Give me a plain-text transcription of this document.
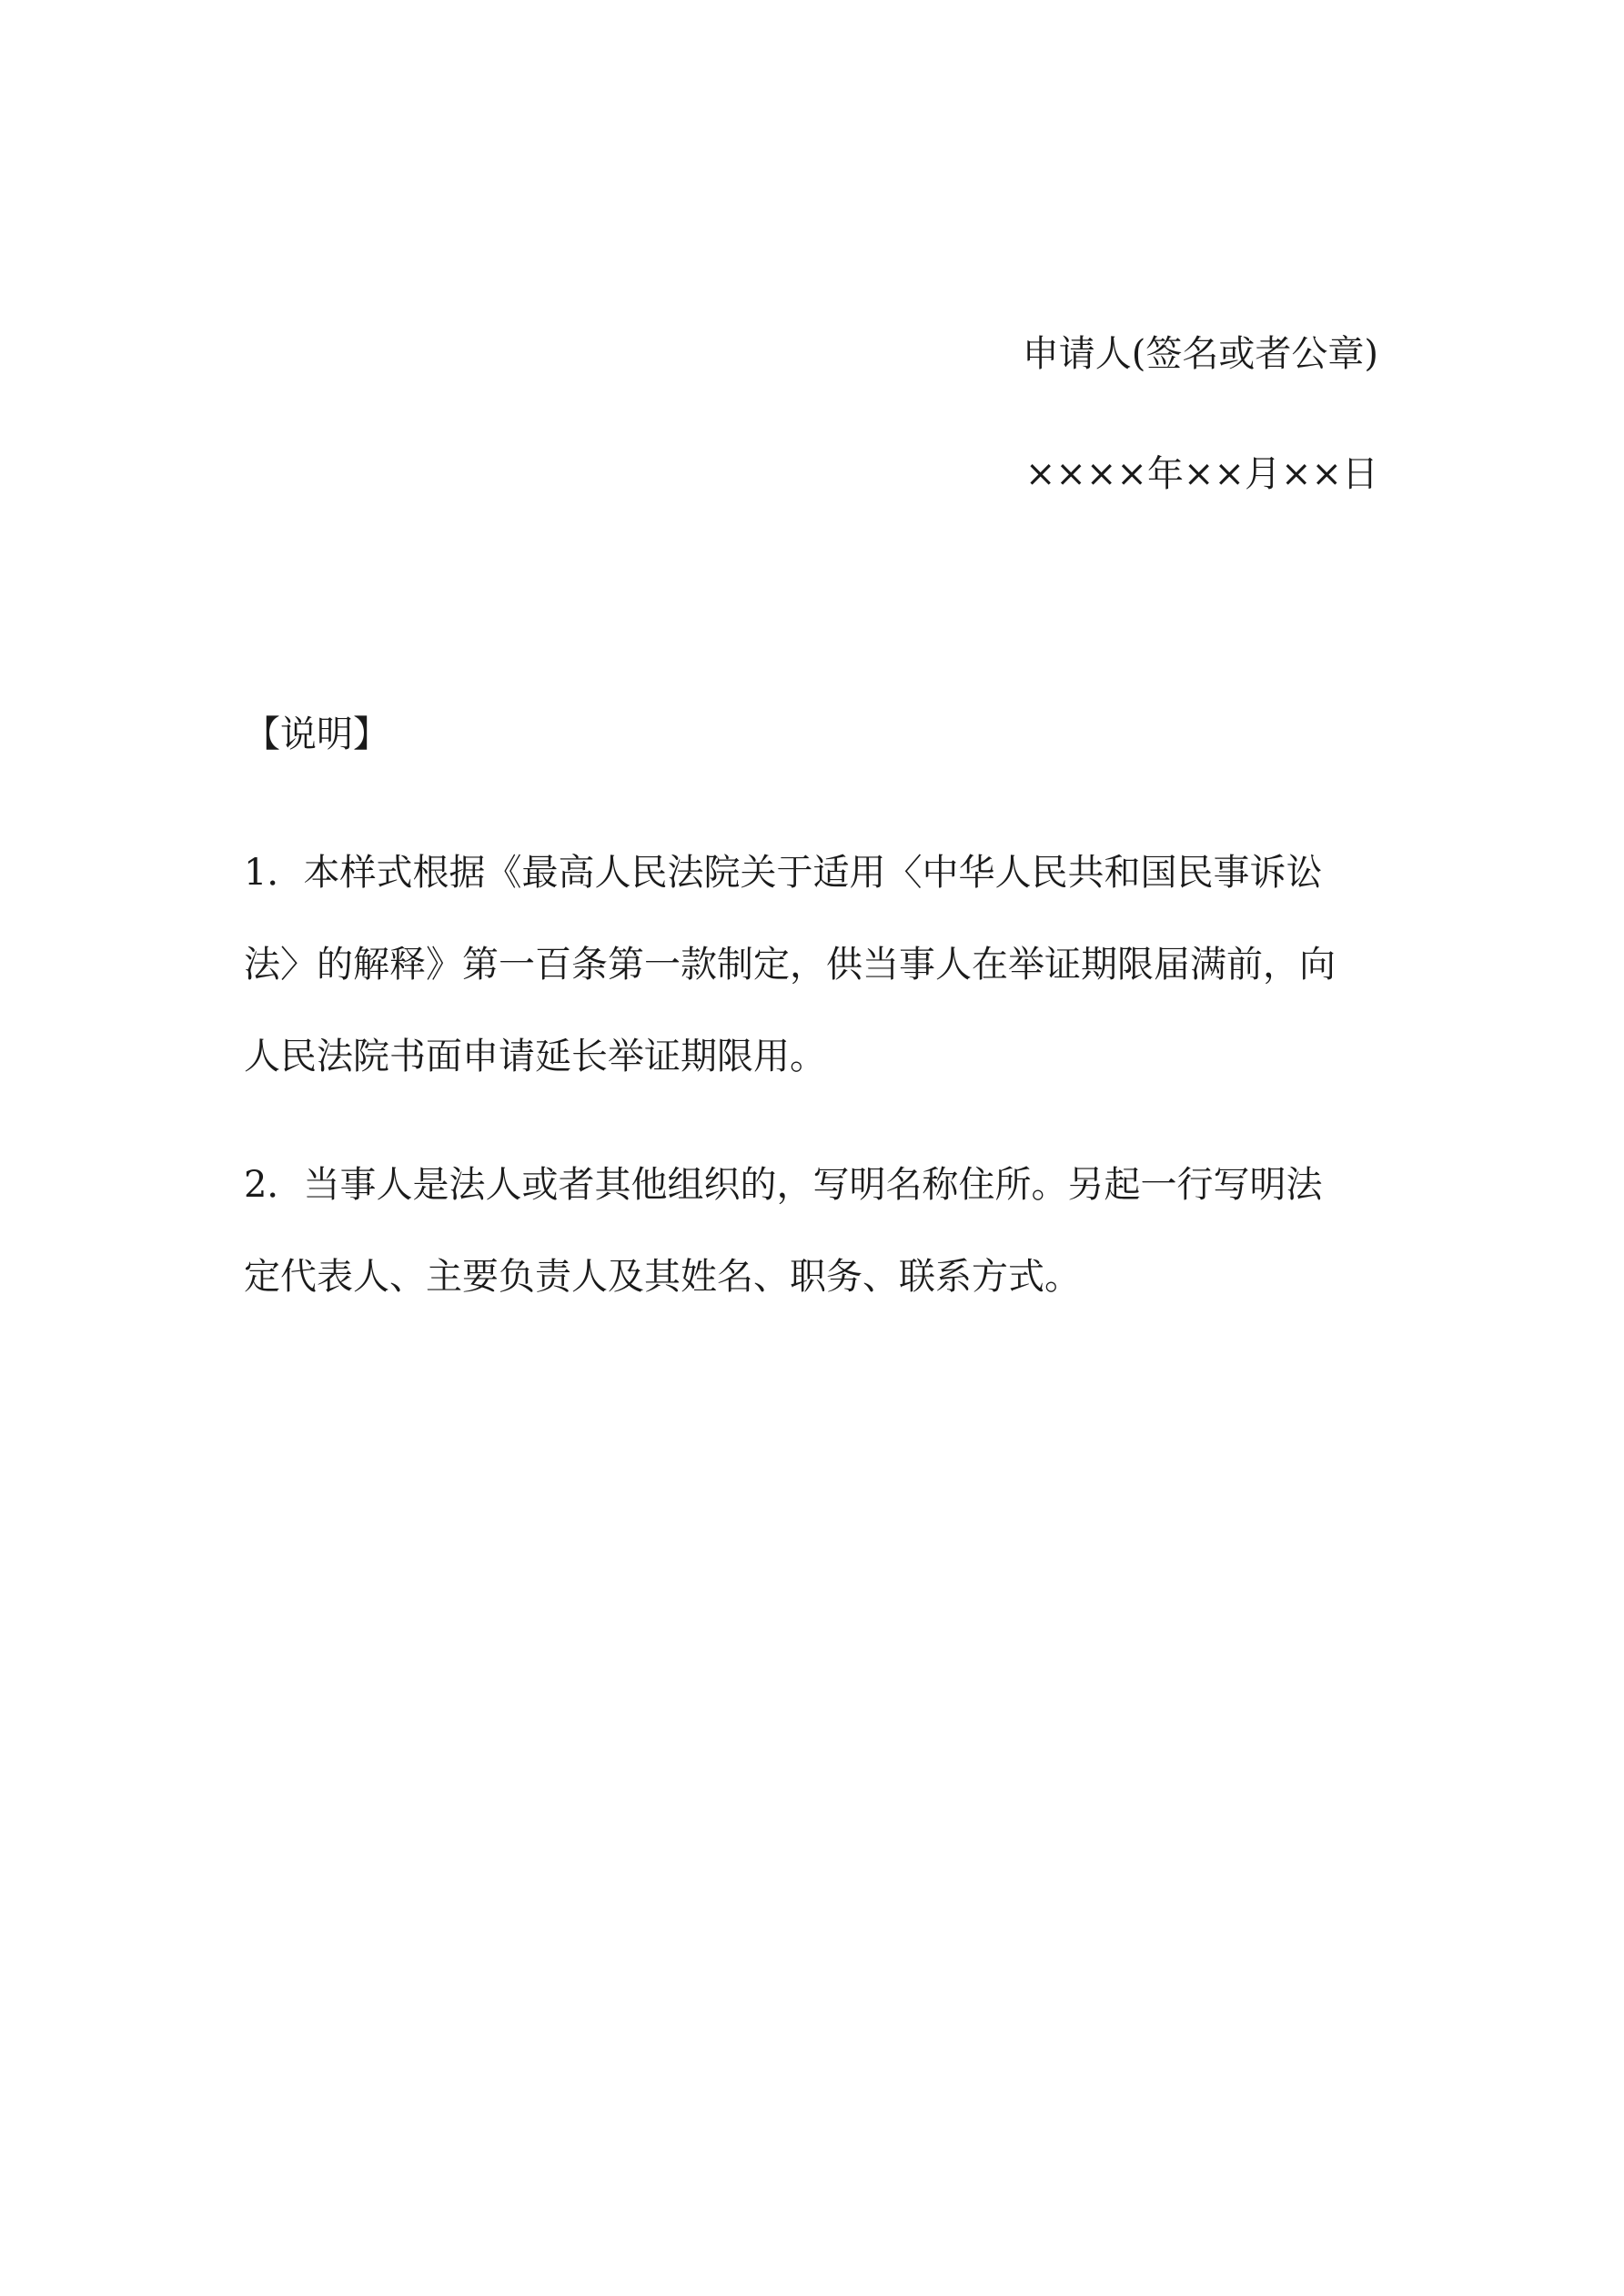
申请人(签名或者公章)
××××年××月××日
【说明】
1．本样式根据《最高人民法院关于适用〈中华人民共和国民事诉讼
法〉的解释》第一百条第一款制定，供当事人在举证期限届满前，向
人民法院书面申请延长举证期限用。
2．当事人是法人或者其他组织的，写明名称住所。另起一行写明法
定代表人、主要负责人及其姓名、职务、联系方式。
